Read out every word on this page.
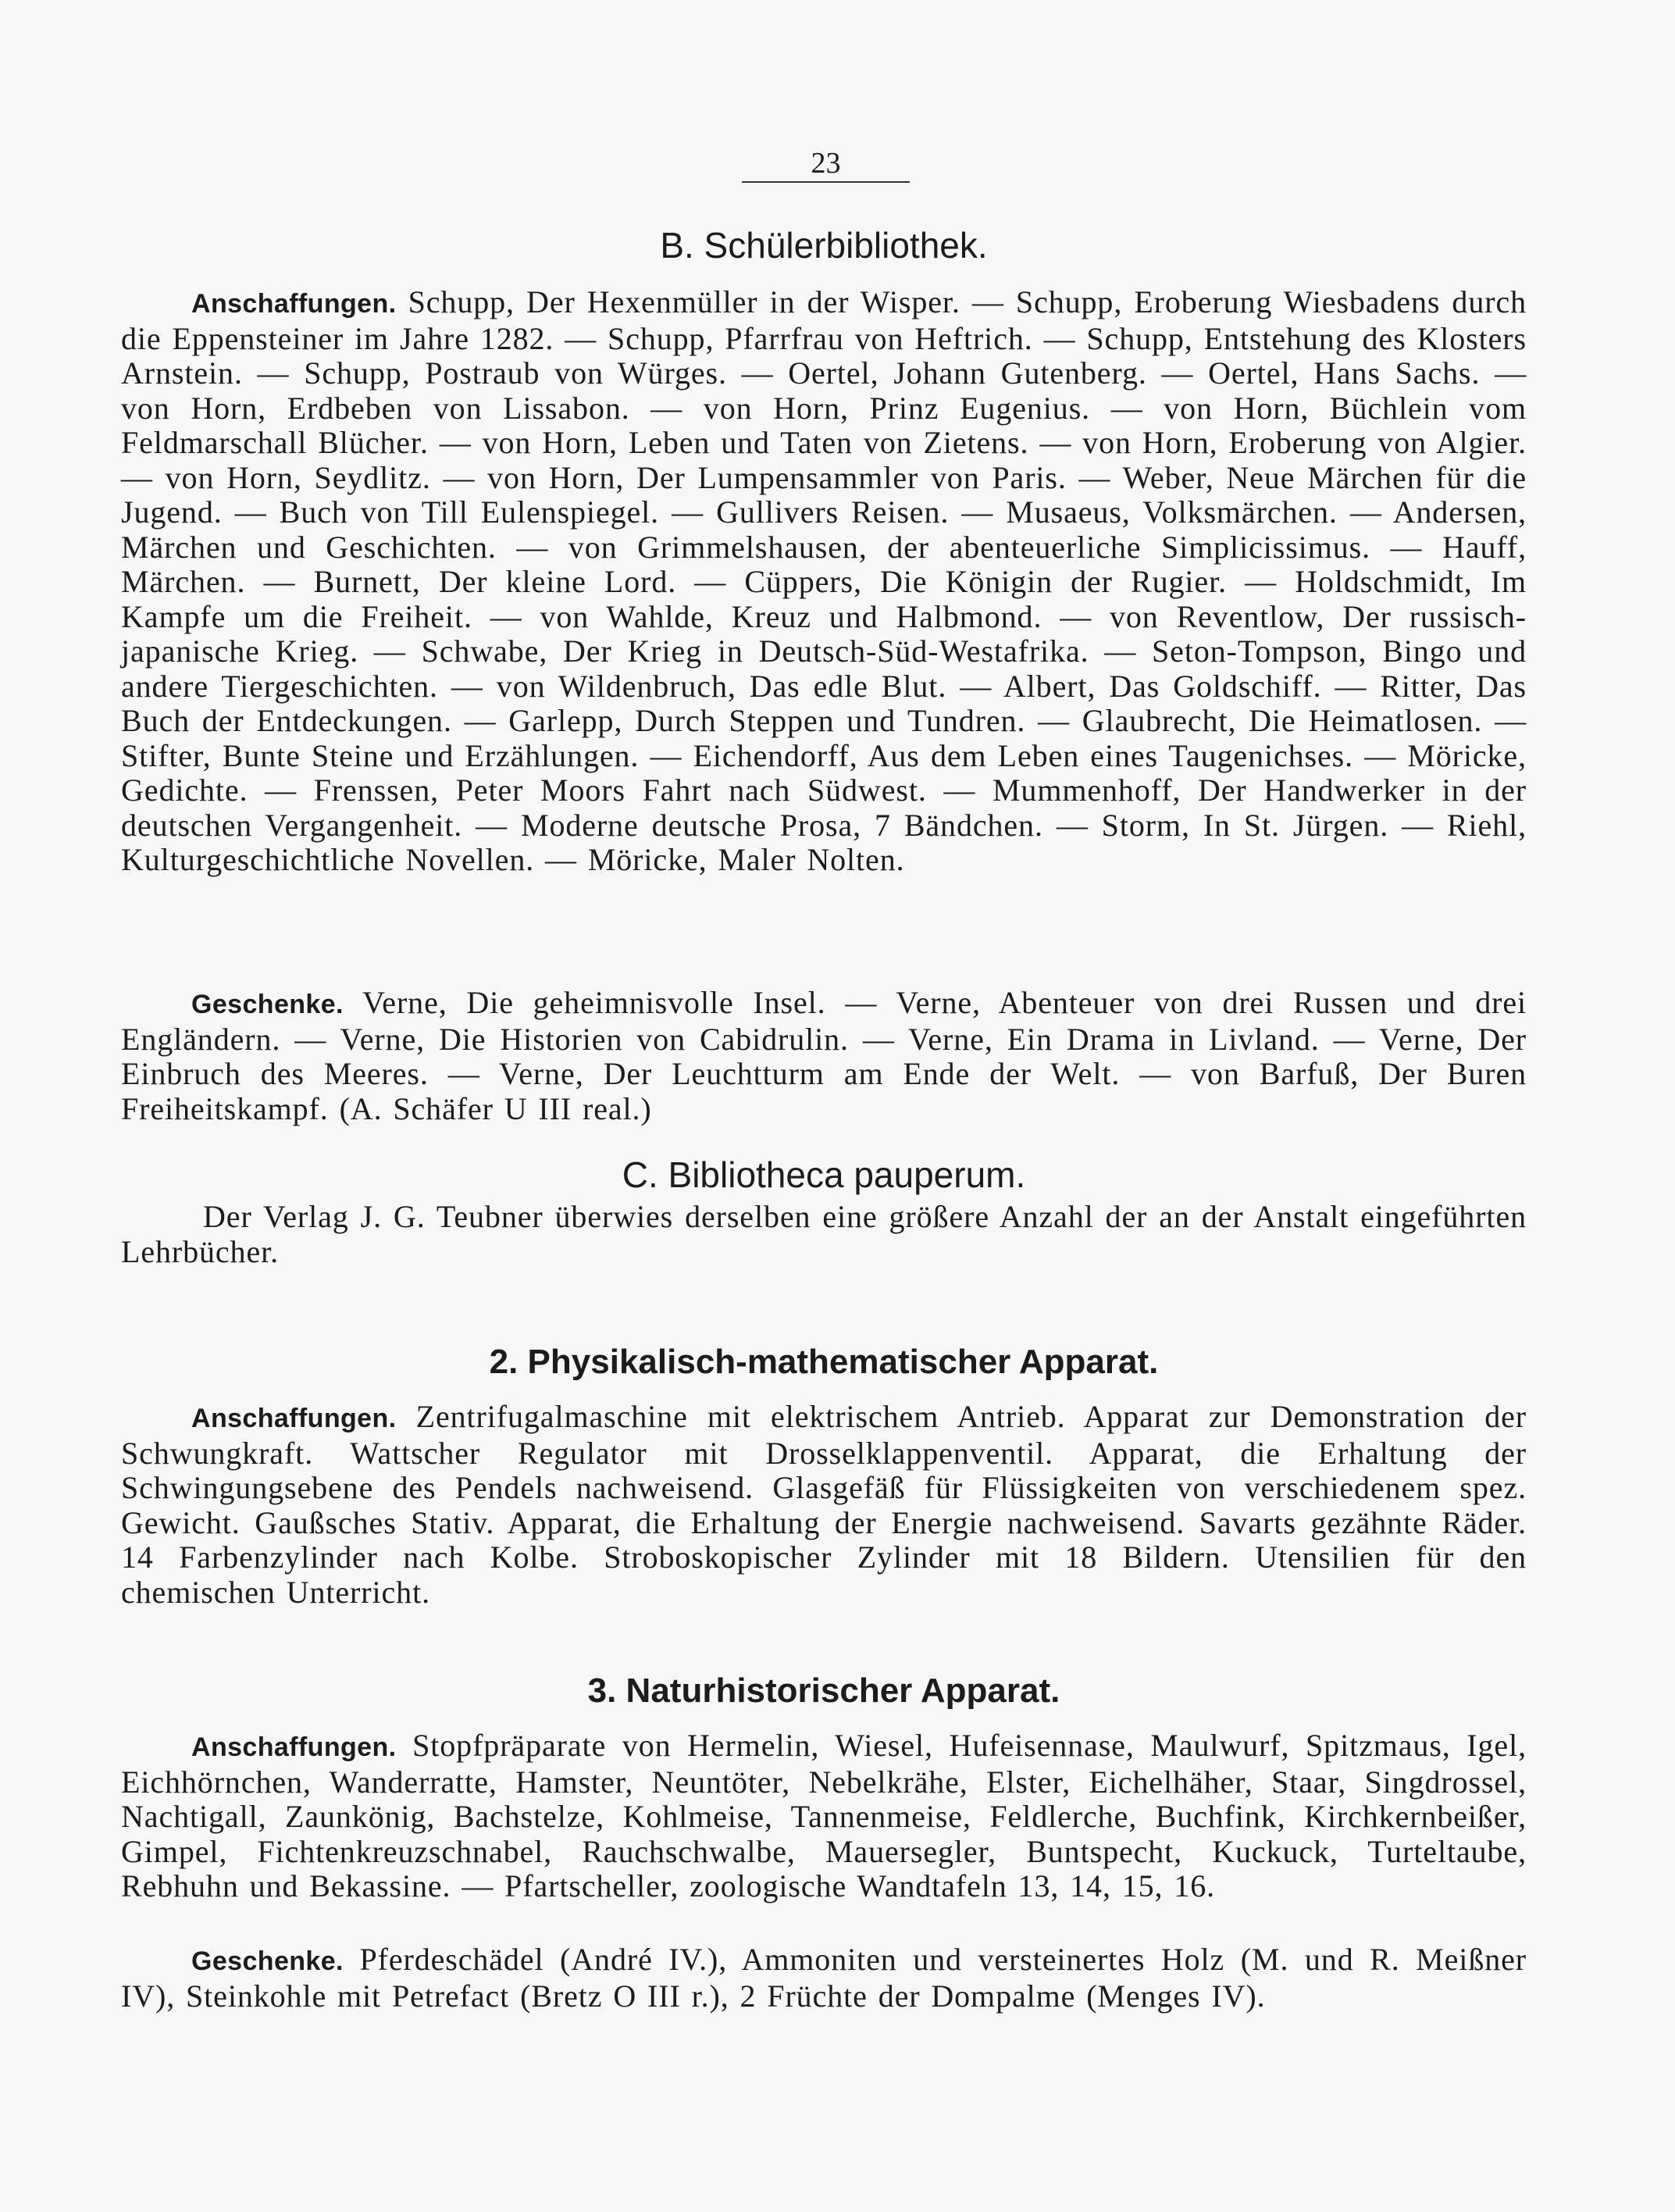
23
B. Schülerbibliothek.
Anschaffungen. Schupp, Der Hexenmüller in der Wisper. — Schupp, Eroberung Wiesbadens durch die Eppensteiner im Jahre 1282. — Schupp, Pfarrfrau von Heftrich. — Schupp, Entstehung des Klosters Arnstein. — Schupp, Postraub von Würges. — Oertel, Johann Gutenberg. — Oertel, Hans Sachs. — von Horn, Erdbeben von Lissabon. — von Horn, Prinz Eugenius. — von Horn, Büchlein vom Feldmarschall Blücher. — von Horn, Leben und Taten von Zietens. — von Horn, Eroberung von Algier. — von Horn, Seydlitz. — von Horn, Der Lumpensammler von Paris. — Weber, Neue Märchen für die Jugend. — Buch von Till Eulenspiegel. — Gullivers Reisen. — Musaeus, Volksmärchen. — Andersen, Märchen und Geschichten. — von Grimmelshausen, der abenteuerliche Simplicissimus. — Hauff, Märchen. — Burnett, Der kleine Lord. — Cüppers, Die Königin der Rugier. — Holdschmidt, Im Kampfe um die Freiheit. — von Wahlde, Kreuz und Halbmond. — von Reventlow, Der russisch-japanische Krieg. — Schwabe, Der Krieg in Deutsch-Süd-Westafrika. — Seton-Tompson, Bingo und andere Tiergeschichten. — von Wildenbruch, Das edle Blut. — Albert, Das Goldschiff. — Ritter, Das Buch der Entdeckungen. — Garlepp, Durch Steppen und Tundren. — Glaubrecht, Die Heimatlosen. — Stifter, Bunte Steine und Erzählungen. — Eichendorff, Aus dem Leben eines Taugenichses. — Möricke, Gedichte. — Frenssen, Peter Moors Fahrt nach Südwest. — Mummenhoff, Der Handwerker in der deutschen Vergangenheit. — Moderne deutsche Prosa, 7 Bändchen. — Storm, In St. Jürgen. — Riehl, Kulturgeschichtliche Novellen. — Möricke, Maler Nolten.
Geschenke. Verne, Die geheimnisvolle Insel. — Verne, Abenteuer von drei Russen und drei Engländern. — Verne, Die Historien von Cabidrulin. — Verne, Ein Drama in Livland. — Verne, Der Einbruch des Meeres. — Verne, Der Leuchtturm am Ende der Welt. — von Barfuß, Der Buren Freiheitskampf. (A. Schäfer U III real.)
C. Bibliotheca pauperum.
Der Verlag J. G. Teubner überwies derselben eine größere Anzahl der an der Anstalt eingeführten Lehrbücher.
2. Physikalisch-mathematischer Apparat.
Anschaffungen. Zentrifugalmaschine mit elektrischem Antrieb. Apparat zur Demonstration der Schwungkraft. Wattscher Regulator mit Drosselklappenventil. Apparat, die Erhaltung der Schwingungsebene des Pendels nachweisend. Glasgefäß für Flüssigkeiten von verschiedenem spez. Gewicht. Gaußsches Stativ. Apparat, die Erhaltung der Energie nachweisend. Savarts gezähnte Räder. 14 Farbenzylinder nach Kolbe. Stroboskopischer Zylinder mit 18 Bildern. Utensilien für den chemischen Unterricht.
3. Naturhistorischer Apparat.
Anschaffungen. Stopfpräparate von Hermelin, Wiesel, Hufeisennase, Maulwurf, Spitzmaus, Igel, Eichhörnchen, Wanderratte, Hamster, Neuntöter, Nebelkrähe, Elster, Eichelhäher, Staar, Singdrossel, Nachtigall, Zaunkönig, Bachstelze, Kohlmeise, Tannenmeise, Feldlerche, Buchfink, Kirchkernbeißer, Gimpel, Fichtenkreuzschnabel, Rauchschwalbe, Mauersegler, Buntspecht, Kuckuck, Turteltaube, Rebhuhn und Bekassine. — Pfartscheller, zoologische Wandtafeln 13, 14, 15, 16.
Geschenke. Pferdeschädel (André IV.), Ammoniten und versteinertes Holz (M. und R. Meißner IV), Steinkohle mit Petrefact (Bretz O III r.), 2 Früchte der Dompalme (Menges IV).
